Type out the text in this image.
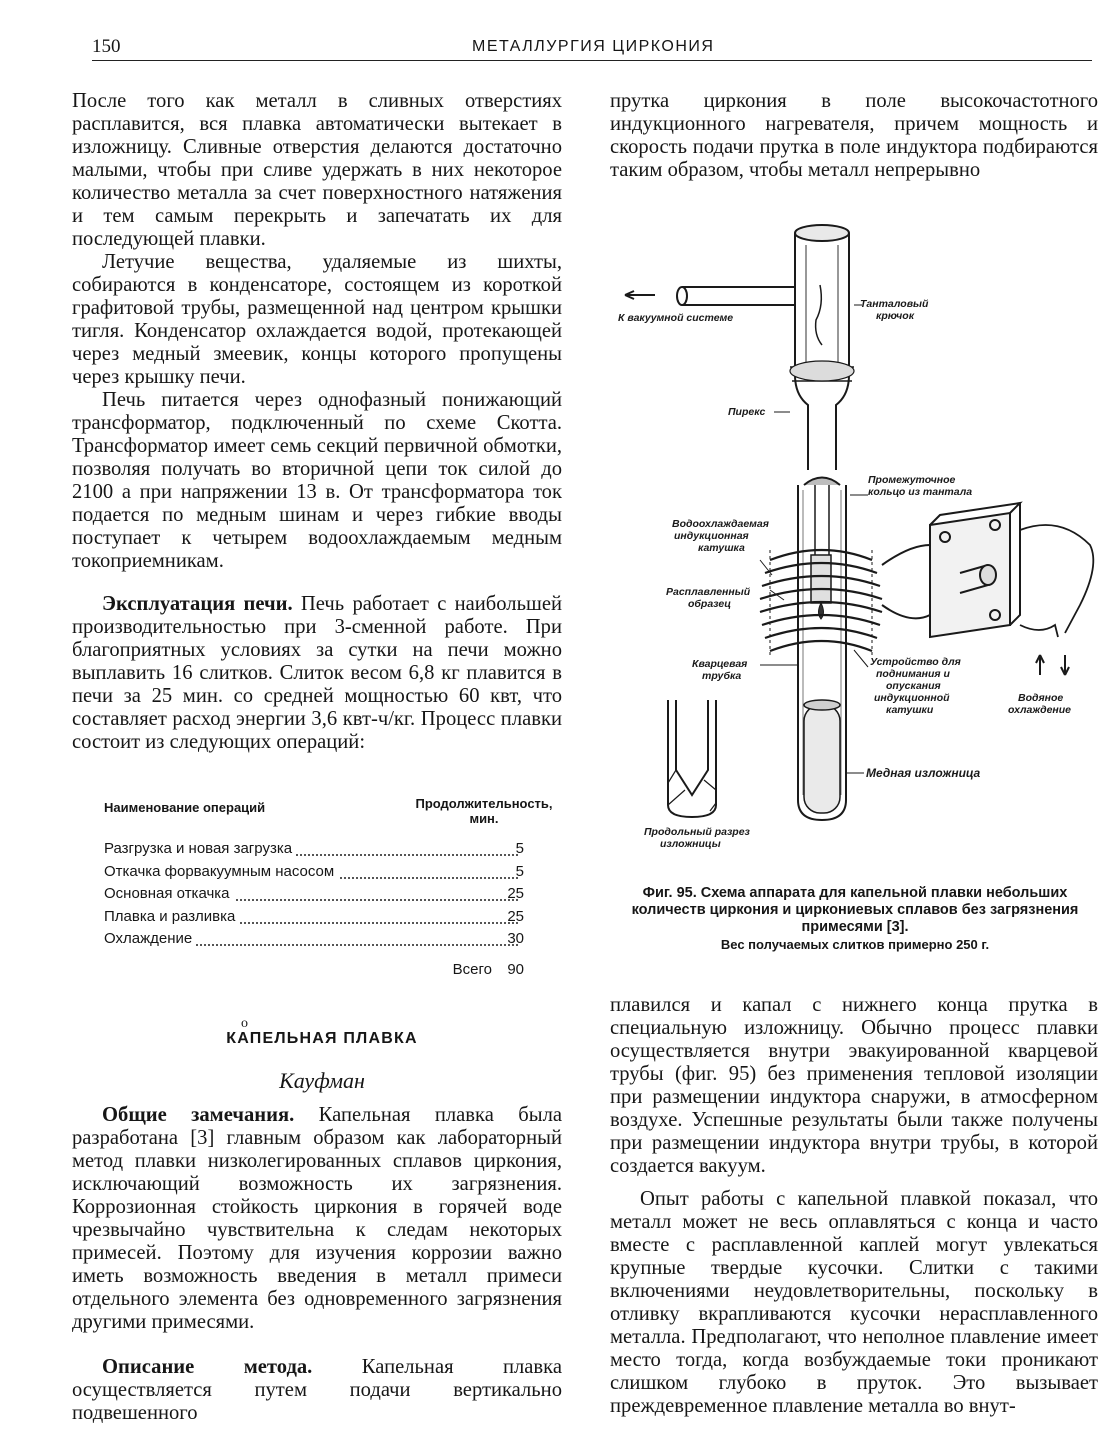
150	МЕТАЛЛУРГИЯ ЦИРКОНИЯ

После того как металл в сливных отверстиях расплавится, вся плавка автоматически вытекает в изложницу. Сливные отверстия делаются достаточно малыми, чтобы при сливе удержать в них некоторое количество металла за счет поверхностного натяжения и тем самым перекрыть и запечатать их для последующей плавки.

Летучие вещества, удаляемые из шихты, собираются в конденсаторе, состоящем из короткой графитовой трубы, размещенной над центром крышки тигля. Конденсатор охлаждается водой, протекающей через медный змеевик, концы которого пропущены через крышку печи.

Печь питается через однофазный понижающий трансформатор, подключенный по схеме Скотта. Трансформатор имеет семь секций первичной обмотки, позволяя получать во вторичной цепи ток силой до 2100 а при напряжении 13 в. От трансформатора ток подается по медным шинам и через гибкие вводы поступает к четырем водоохлаждаемым медным токоприемникам.

Эксплуатация печи. Печь работает с наибольшей производительностью при 3-сменной работе. При благоприятных условиях за сутки на печи можно выплавить 16 слитков. Слиток весом 6,8 кг плавится в печи за 25 мин. со средней мощностью 60 квт, что составляет расход энергии 3,6 квт-ч/кг. Процесс плавки состоит из следующих операций:

Наименование операций	Продолжительность, мин.
Разгрузка и новая загрузка	5
Откачка форвакуумным насосом	5
Основная откачка	25
Плавка и разливка	25
Охлаждение	30
Всего 90
o
КАПЕЛЬНАЯ ПЛАВКА
Кауфман

Общие замечания. Капельная плавка была разработана [3] главным образом как лабораторный метод плавки низколегированных сплавов циркония, исключающий возможность их загрязнения. Коррозионная стойкость циркония в горячей воде чрезвычайно чувствительна к следам некоторых примесей. Поэтому для изучения коррозии важно иметь возможность введения в металл примеси отдельного элемента без одновременного загрязнения другими примесями.

Описание метода. Капельная плавка осуществляется путем подачи вертикально подвешенного

прутка циркония в поле высокочастотного индукционного нагревателя, причем мощность и скорость подачи прутка в поле индуктора подбираются таким образом, чтобы металл непрерывно

К вакуумной системе
Танталовый
крючок
Пирекс
Промежуточное
кольцо из тантала
Водоохлаждаемая
индукционная
катушка
Расплавленный
образец
Кварцевая
трубка
Устройство для
поднимания и
опускания
индукционной
катушки
Водяное
охлаждение
Медная изложница
Продольный разрез
изложницы
Фиг. 95. Схема аппарата для капельной плавки небольших количеств циркония и циркониевых сплавов без загрязнения примесями [3].
Вес получаемых слитков примерно 250 г.

плавился и капал с нижнего конца прутка в специальную изложницу. Обычно процесс плавки осуществляется внутри эвакуированной кварцевой трубы (фиг. 95) без применения тепловой изоляции при размещении индуктора снаружи, в атмосферном воздухе. Успешные результаты были также получены при размещении индуктора внутри трубы, в которой создается вакуум.

Опыт работы с капельной плавкой показал, что металл может не весь оплавляться с конца и часто вместе с расплавленной каплей могут увлекаться крупные твердые кусочки. Слитки с такими включениями неудовлетворительны, поскольку в отливку вкрапливаются кусочки нерасплавленного металла. Предполагают, что неполное плавление имеет место тогда, когда возбуждаемые токи проникают слишком глубоко в пруток. Это вызывает преждевременное плавление металла во внут-
